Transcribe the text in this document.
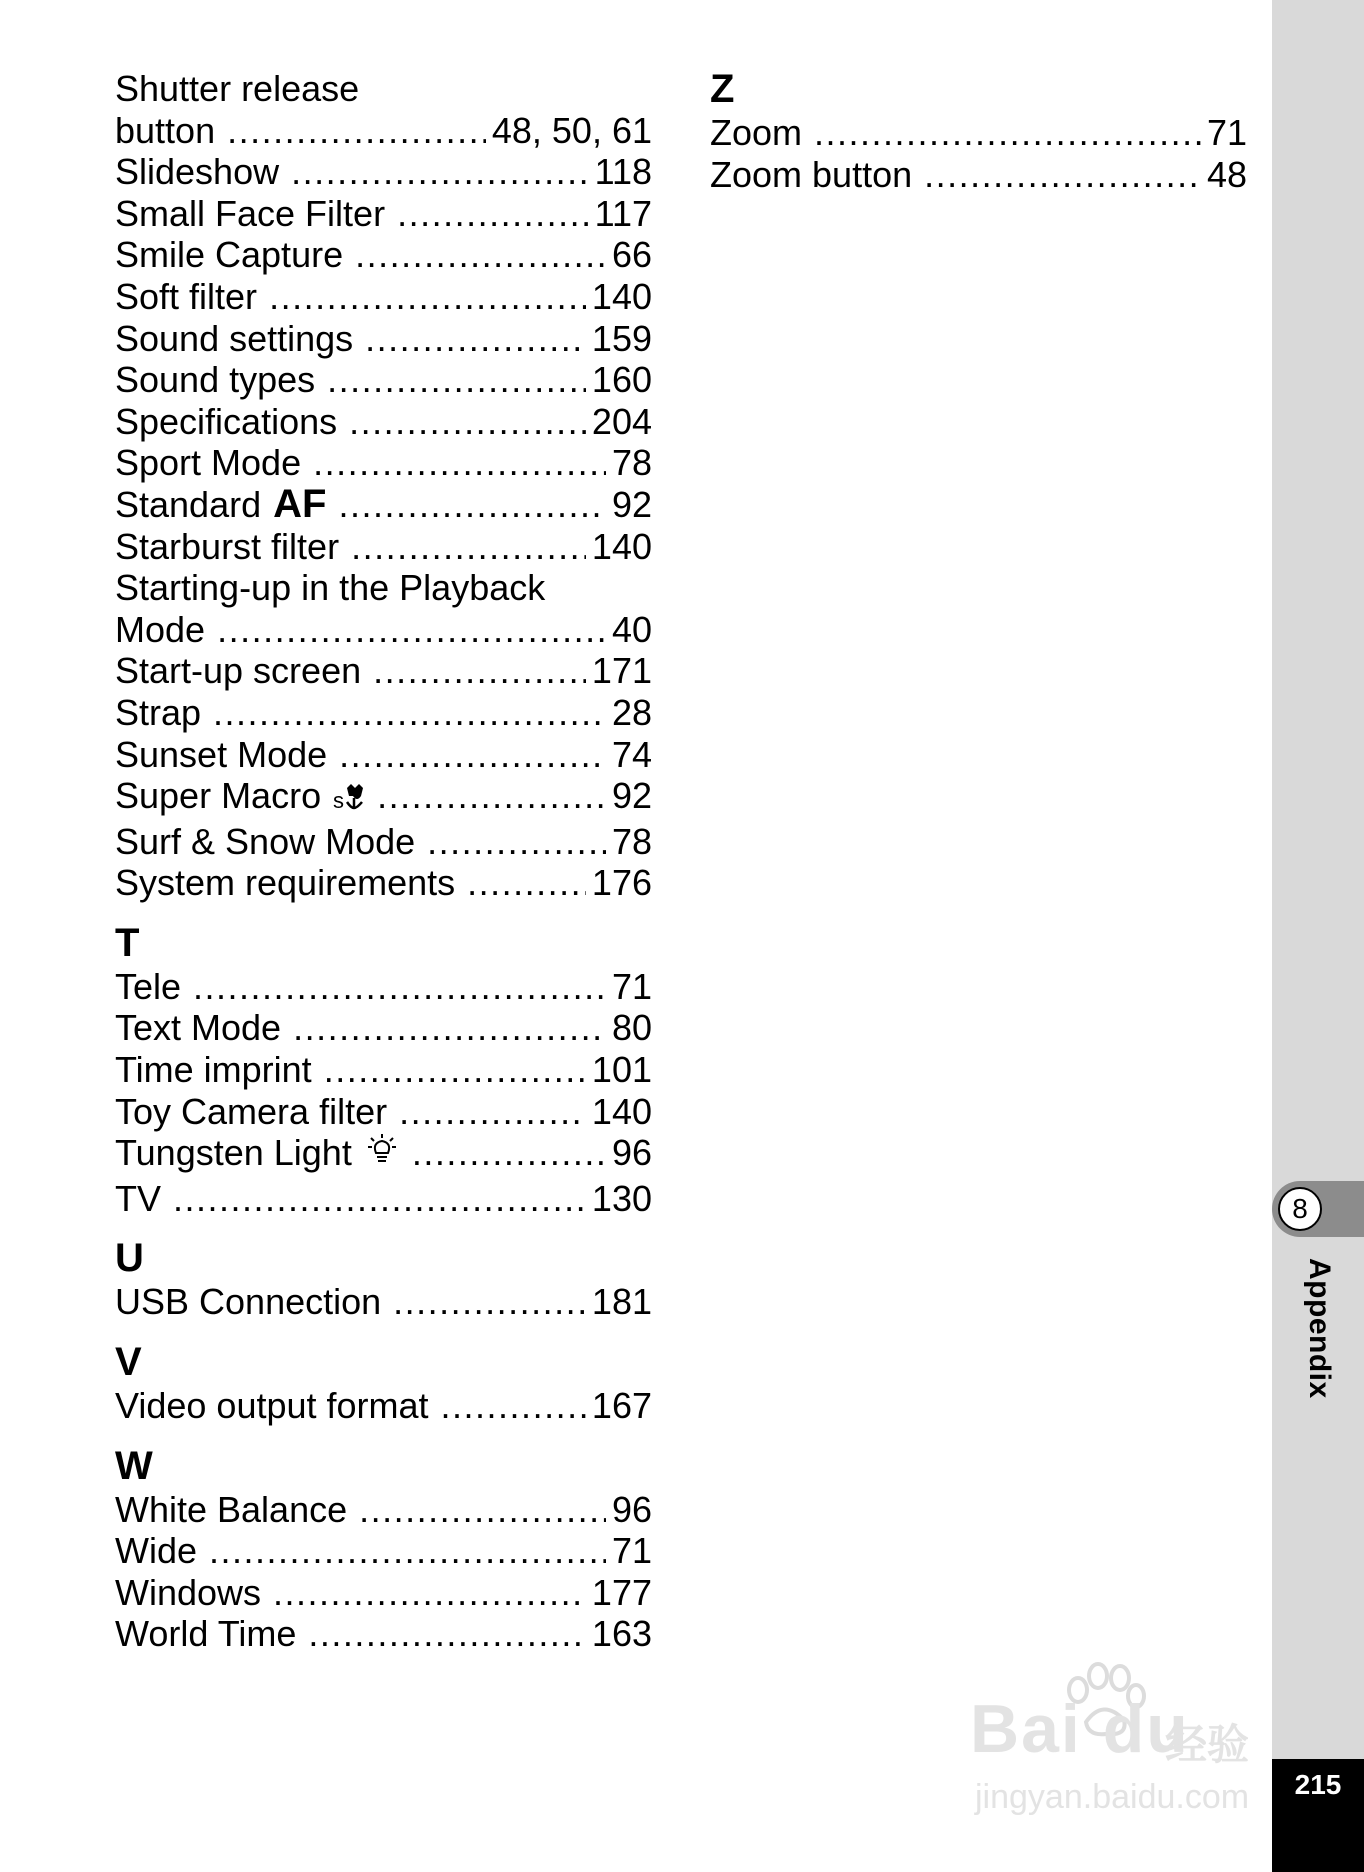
Shutter release
button .....	48, 50, 61
Slideshow .....	118
Small Face Filter .....	117
Smile Capture .....	66
Soft filter .....	140
Sound settings .....	159
Sound types .....	160
Specifications .....	204
Sport Mode .....	78
Standard AF .....	92
Starburst filter .....	140
Starting-up in the Playback
Mode .....	40
Start-up screen .....	171
Strap .....	28
Sunset Mode .....	74
Super Macro s .....	92
Surf & Snow Mode .....	78
System requirements .....	176
T
Tele .....	71
Text Mode .....	80
Time imprint .....	101
Toy Camera filter .....	140
Tungsten Light .....	96
TV .....	130
U
USB Connection .....	181
V
Video output format .....	167
W
White Balance .....	96
Wide .....	71
Windows .....	177
World Time .....	163
Z
Zoom .....	71
Zoom button .....	48
8
Appendix
215
Bai du
经验
jingyan.baidu.com
